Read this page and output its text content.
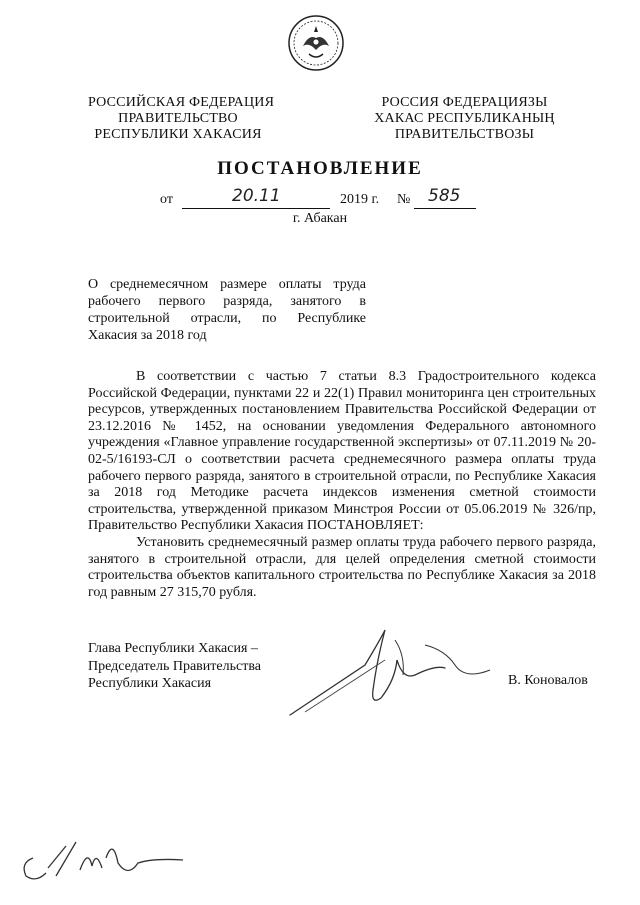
РОССИЙСКАЯ ФЕДЕРАЦИЯ
ПРАВИТЕЛЬСТВО
РЕСПУБЛИКИ ХАКАСИЯ
РОССИЯ ФЕДЕРАЦИЯЗЫ
ХАКАС РЕСПУБЛИКАНЫҢ
ПРАВИТЕЛЬСТВОЗЫ
ПОСТАНОВЛЕНИЕ
от	20.11	2019 г. № 585
г. Абакан
О среднемесячном размере оплаты труда рабочего первого разряда, занятого в строительной отрасли, по Республике Хакасия за 2018 год

В соответствии с частью 7 статьи 8.3 Градостроительного кодекса Российской Федерации, пунктами 22 и 22(1) Правил мониторинга цен строительных ресурсов, утвержденных постановлением Правительства Российской Федерации от 23.12.2016 № 1452, на основании уведомления Федерального автономного учреждения «Главное управление государственной экспертизы» от 07.11.2019 № 20-02-5/16193-СЛ о соответствии расчета среднемесячного размера оплаты труда рабочего первого разряда, занятого в строительной отрасли, по Республике Хакасия за 2018 год Методике расчета индексов изменения сметной стоимости строительства, утвержденной приказом Минстроя России от 05.06.2019 № 326/пр, Правительство Республики Хакасия ПОСТАНОВЛЯЕТ:

Установить среднемесячный размер оплаты труда рабочего первого разряда, занятого в строительной отрасли, для целей определения сметной стоимости строительства объектов капитального строительства по Республике Хакасия за 2018 год равным 27 315,70 рубля.

Глава Республики Хакасия –
Председатель Правительства
Республики Хакасия	В. Коновалов
